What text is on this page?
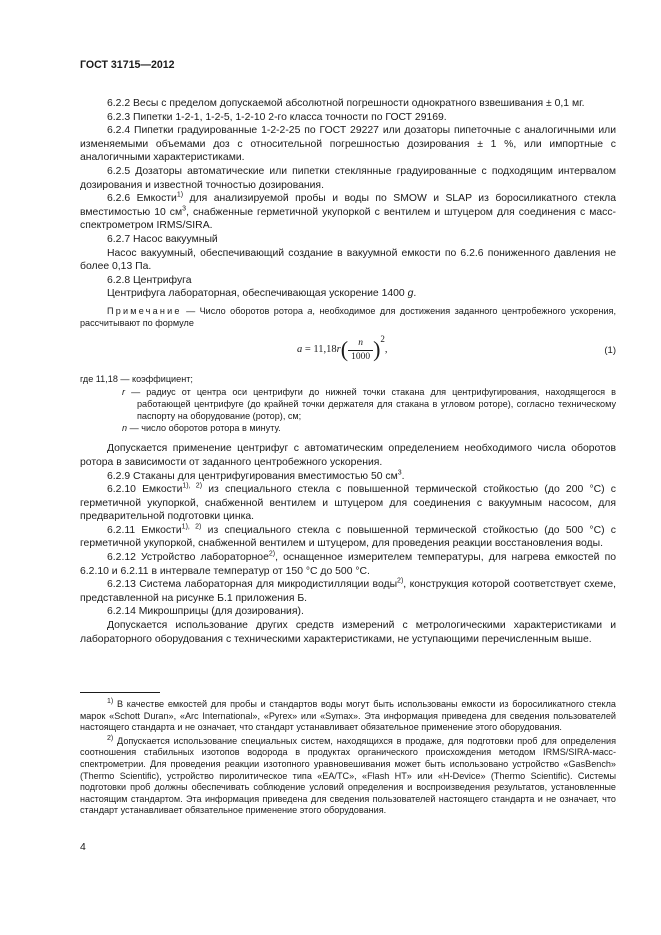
ГОСТ 31715—2012

6.2.2 Весы с пределом допускаемой абсолютной погрешности однократного взвешивания ± 0,1 мг.

6.2.3 Пипетки 1-2-1, 1-2-5, 1-2-10 2-го класса точности по ГОСТ 29169.

6.2.4 Пипетки градуированные 1-2-2-25 по ГОСТ 29227 или дозаторы пипеточные с аналогичными или изменяемыми объемами доз с относительной погрешностью дозирования ± 1 %, или импортные с аналогичными характеристиками.

6.2.5 Дозаторы автоматические или пипетки стеклянные градуированные с подходящим интервалом дозирования и известной точностью дозирования.

6.2.6 Емкости$^{1)}$ для анализируемой пробы и воды по SMOW и SLAP из боросиликатного стекла вместимостью 10 $см^3$, снабженные герметичной укупоркой с вентилем и штуцером для соединения с масс-спектрометром IRMS/SIRA.

6.2.7 Насос вакуумный

Насос вакуумный, обеспечивающий создание в вакуумной емкости по 6.2.6 пониженного давления не более 0,13 Па.

6.2.8 Центрифуга

Центрифуга лабораторная, обеспечивающая ускорение 1400 g.

Примечание — Число оборотов ротора a, необходимое для достижения заданного центробежного ускорения, рассчитывают по формуле

$a = 11,18r( \frac{n}{1000} )^2$,	(1)

где 11,18 — коэффициент;

r — радиус от центра оси центрифуги до нижней точки стакана для центрифугирования, находящегося в работающей центрифуге (до крайней точки держателя для стакана в угловом роторе), согласно техническому паспорту на оборудование (ротор), см;

n — число оборотов ротора в минуту.

Допускается применение центрифуг с автоматическим определением необходимого числа оборотов ротора в зависимости от заданного центробежного ускорения.

6.2.9 Стаканы для центрифугирования вместимостью 50 $см^3$.

6.2.10 Емкости$^{1), 2)}$ из специального стекла с повышенной термической стойкостью (до 200 °С) с герметичной укупоркой, снабженной вентилем и штуцером для соединения с вакуумным насосом, для предварительной подготовки цинка.

6.2.11 Емкости$^{1), 2)}$ из специального стекла с повышенной термической стойкостью (до 500 °С) с герметичной укупоркой, снабженной вентилем и штуцером, для проведения реакции восстановления воды.

6.2.12 Устройство лабораторное$^{2)}$, оснащенное измерителем температуры, для нагрева емкостей по 6.2.10 и 6.2.11 в интервале температур от 150 °С до 500 °С.

6.2.13 Система лабораторная для микродистилляции воды$^{2)}$, конструкция которой соответствует схеме, представленной на рисунке Б.1 приложения Б.

6.2.14 Микрошприцы (для дозирования).

Допускается использование других средств измерений с метрологическими характеристиками и лабораторного оборудования с техническими характеристиками, не уступающими перечисленным выше.

$^{1)}$ В качестве емкостей для пробы и стандартов воды могут быть использованы емкости из боросиликатного стекла марок «Schott Duran», «Arc International», «Pyrex» или «Symax». Эта информация приведена для сведения пользователей настоящего стандарта и не означает, что стандарт устанавливает обязательное применение этого оборудования.

$^{2)}$ Допускается использование специальных систем, находящихся в продаже, для подготовки проб для определения соотношения стабильных изотопов водорода в продуктах органического происхождения методом IRMS/SIRA-масс-спектрометрии. Для проведения реакции изотопного уравновешивания может быть использовано устройство «GasBench» (Thermo Scientific), устройство пиролитическое типа «EA/TC», «Flash HT» или «H-Device» (Thermo Scientific). Системы подготовки проб должны обеспечивать соблюдение условий определения и воспроизведения результатов, установленные настоящим стандартом. Эта информация приведена для сведения пользователей настоящего стандарта и не означает, что стандарт устанавливает обязательное применение этого оборудования.

4
